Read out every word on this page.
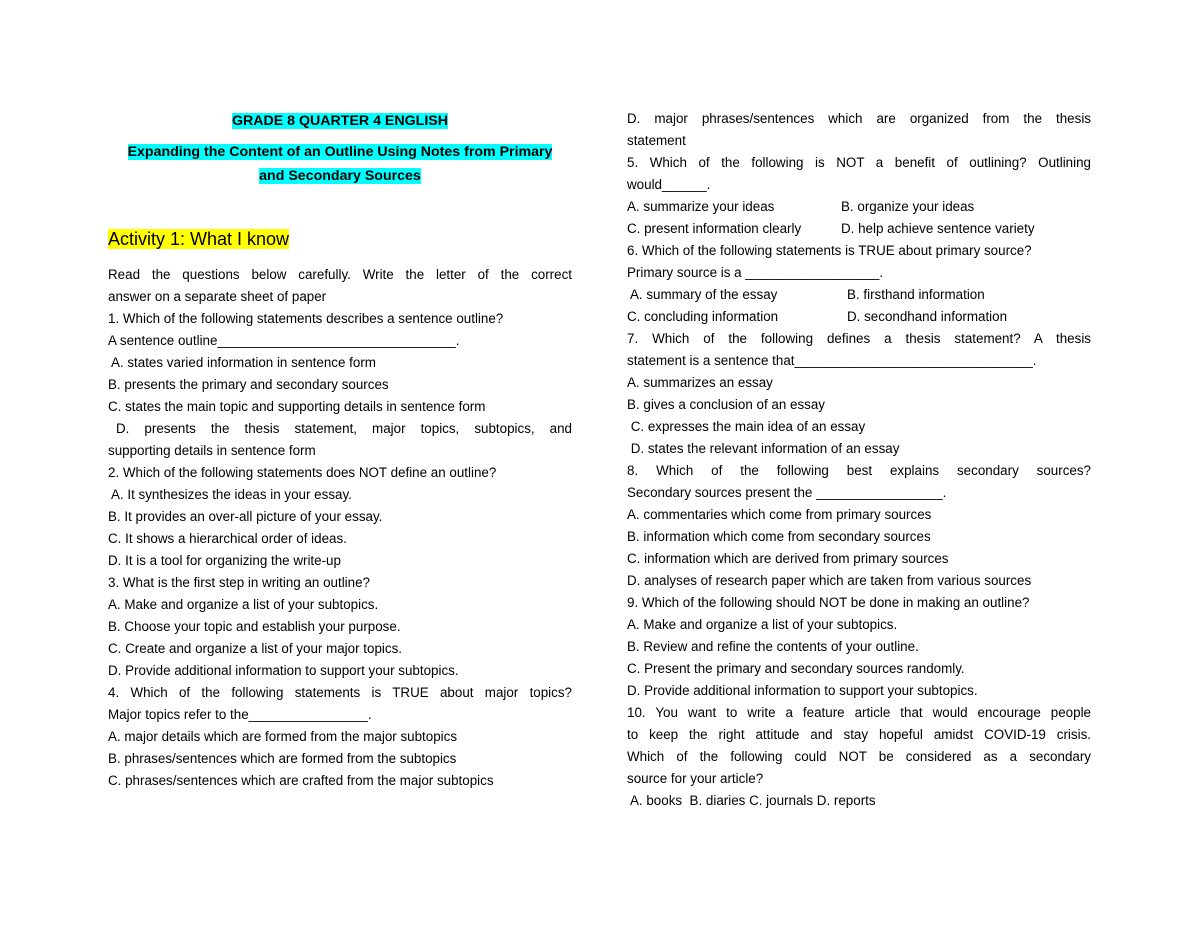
GRADE 8 QUARTER 4 ENGLISH
Expanding the Content of an Outline Using Notes from Primary
and Secondary Sources
Activity 1: What I know
Read the questions below carefully. Write the letter of the correct
answer on a separate sheet of paper
1. Which of the following statements describes a sentence outline?
A sentence outline________________________________.
A. states varied information in sentence form
B. presents the primary and secondary sources
C. states the main topic and supporting details in sentence form
D. presents the thesis statement, major topics, subtopics, and
supporting details in sentence form
2. Which of the following statements does NOT define an outline?
A. It synthesizes the ideas in your essay.
B. It provides an over-all picture of your essay.
C. It shows a hierarchical order of ideas.
D. It is a tool for organizing the write-up
3. What is the first step in writing an outline?
A. Make and organize a list of your subtopics.
B. Choose your topic and establish your purpose.
C. Create and organize a list of your major topics.
D. Provide additional information to support your subtopics.
4. Which of the following statements is TRUE about major topics?
Major topics refer to the________________.
A. major details which are formed from the major subtopics
B. phrases/sentences which are formed from the subtopics
C. phrases/sentences which are crafted from the major subtopics
D. major phrases/sentences which are organized from the thesis
statement
5. Which of the following is NOT a benefit of outlining? Outlining
would______.
A. summarize your ideas	B. organize your ideas
C. present information clearly	D. help achieve sentence variety
6. Which of the following statements is TRUE about primary source?
Primary source is a __________________.
A. summary of the essay	B. firsthand information
C. concluding information	D. secondhand information
7. Which of the following defines a thesis statement? A thesis
statement is a sentence that________________________________.
A. summarizes an essay
B. gives a conclusion of an essay
C. expresses the main idea of an essay
D. states the relevant information of an essay
8. Which of the following best explains secondary sources?
Secondary sources present the _________________.
A. commentaries which come from primary sources
B. information which come from secondary sources
C. information which are derived from primary sources
D. analyses of research paper which are taken from various sources
9. Which of the following should NOT be done in making an outline?
A. Make and organize a list of your subtopics.
B. Review and refine the contents of your outline.
C. Present the primary and secondary sources randomly.
D. Provide additional information to support your subtopics.
10. You want to write a feature article that would encourage people
to keep the right attitude and stay hopeful amidst COVID-19 crisis.
Which of the following could NOT be considered as a secondary
source for your article?
A. books  B. diaries C. journals D. reports
